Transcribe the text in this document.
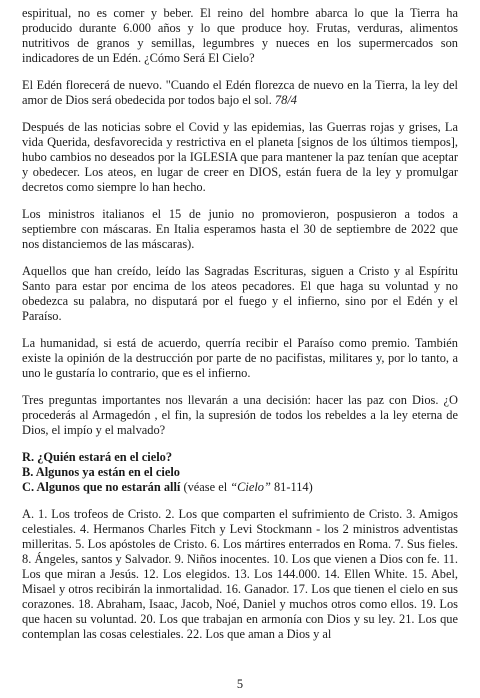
espiritual, no es comer y beber. El reino del hombre abarca lo que la Tierra ha producido durante 6.000 años y lo que produce hoy. Frutas, verduras, alimentos nutritivos de granos y semillas, legumbres y nueces en los supermercados son indicadores de un Edén. ¿Cómo Será El Cielo?

El Edén florecerá de nuevo. "Cuando el Edén florezca de nuevo en la Tierra, la ley del amor de Dios será obedecida por todos bajo el sol. 78/4

Después de las noticias sobre el Covid y las epidemias, las Guerras rojas y grises, La vida Querida, desfavorecida y restrictiva en el planeta [signos de los últimos tiempos], hubo cambios no deseados por la IGLESIA que para mantener la paz tenían que aceptar y obedecer. Los ateos, en lugar de creer en DIOS, están fuera de la ley y promulgar decretos como siempre lo han hecho.

Los ministros italianos el 15 de junio no promovieron, pospusieron a todos a septiembre con máscaras. En Italia esperamos hasta el 30 de septiembre de 2022 que nos distanciemos de las máscaras).

Aquellos que han creído, leído las Sagradas Escrituras, siguen a Cristo y al Espíritu Santo para estar por encima de los ateos pecadores. El que haga su voluntad y no obedezca su palabra, no disputará por el fuego y el infierno, sino por el Edén y el Paraíso.

La humanidad, si está de acuerdo, querría recibir el Paraíso como premio. También existe la opinión de la destrucción por parte de no pacifistas, militares y, por lo tanto, a uno le gustaría lo contrario, que es el infierno.

Tres preguntas importantes nos llevarán a una decisión: hacer las paz con Dios. ¿O procederás al Armagedón , el fin, la supresión de todos los rebeldes a la ley eterna de Dios, el impío y el malvado?

R. ¿Quién estará en el cielo?
B. Algunos ya están en el cielo
C. Algunos que no estarán allí (véase el “Cielo” 81-114)

A. 1. Los trofeos de Cristo. 2. Los que comparten el sufrimiento de Cristo. 3. Amigos celestiales. 4. Hermanos Charles Fitch y Levi Stockmann - los 2 ministros adventistas milleritas. 5. Los apóstoles de Cristo. 6. Los mártires enterrados en Roma. 7. Sus fieles. 8. Ángeles, santos y Salvador. 9. Niños inocentes. 10. Los que vienen a Dios con fe. 11. Los que miran a Jesús. 12. Los elegidos. 13. Los 144.000. 14. Ellen White. 15. Abel, Misael y otros recibirán la inmortalidad. 16. Ganador. 17. Los que tienen el cielo en sus corazones. 18. Abraham, Isaac, Jacob, Noé, Daniel y muchos otros como ellos. 19. Los que hacen su voluntad. 20. Los que trabajan en armonía con Dios y su ley. 21. Los que contemplan las cosas celestiales. 22. Los que aman a Dios y al

5
